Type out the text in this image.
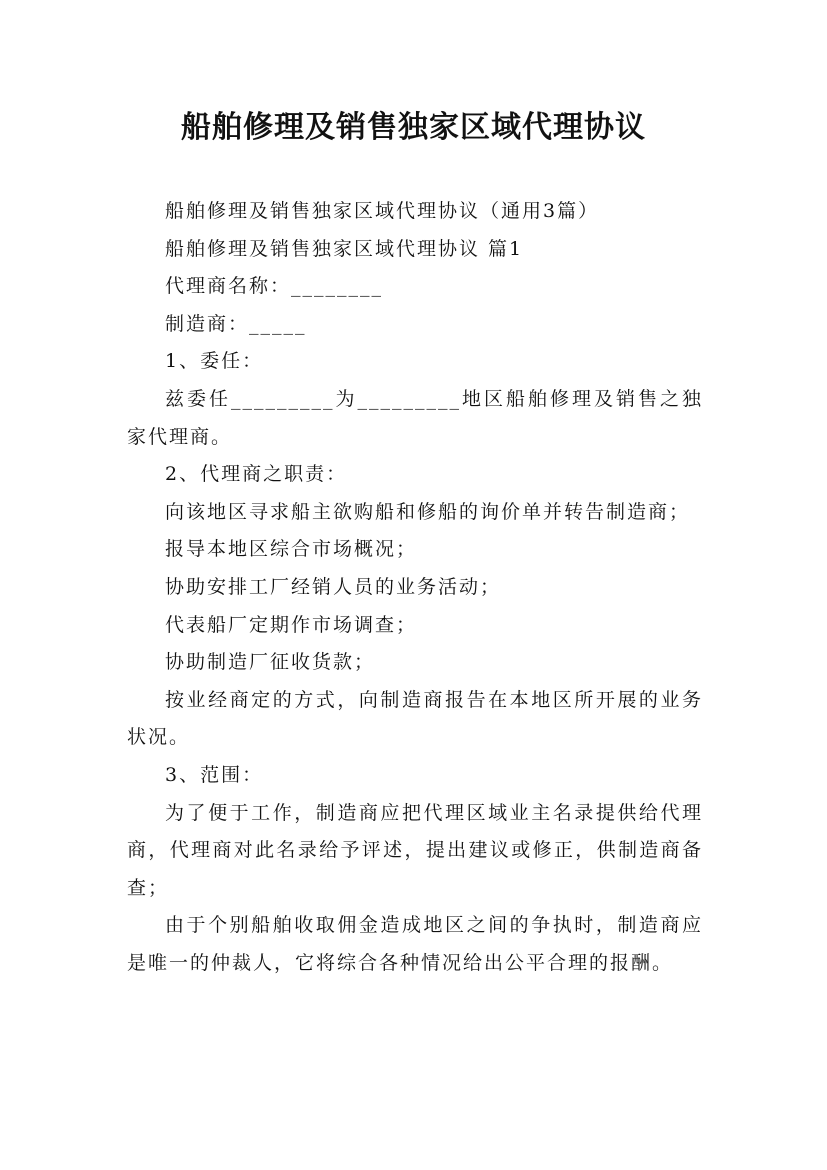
船舶修理及销售独家区域代理协议

船舶修理及销售独家区域代理协议（通用3篇）

船舶修理及销售独家区域代理协议 篇1

代理商名称：________

制造商：_____

1、委任：

兹委任_________为_________地区船舶修理及销售之独家代理商。

2、代理商之职责：

向该地区寻求船主欲购船和修船的询价单并转告制造商；

报导本地区综合市场概况；

协助安排工厂经销人员的业务活动；

代表船厂定期作市场调查；

协助制造厂征收货款；

按业经商定的方式，向制造商报告在本地区所开展的业务状况。

3、范围：

为了便于工作，制造商应把代理区域业主名录提供给代理商，代理商对此名录给予评述，提出建议或修正，供制造商备查；

由于个别船舶收取佣金造成地区之间的争执时，制造商应是唯一的仲裁人，它将综合各种情况给出公平合理的报酬。
